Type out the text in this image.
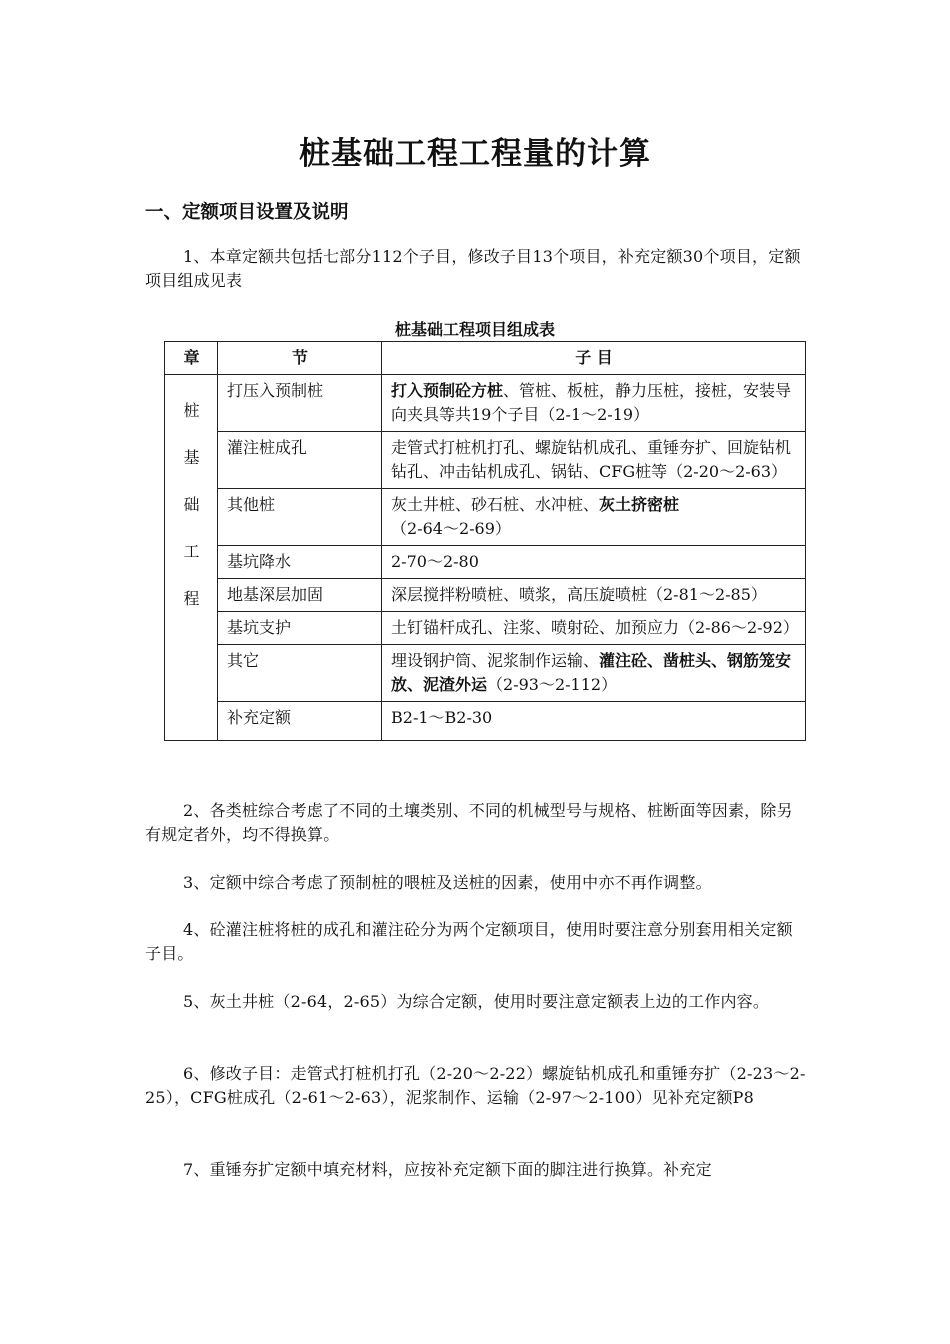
桩基础工程工程量的计算
一、定额项目设置及说明
1、本章定额共包括七部分112个子目，修改子目13个项目，补充定额30个项目，定额项目组成见表
桩基础工程项目组成表
章	节	子 目

桩
基
础
工
程	打压入预制桩	打入预制砼方桩、管桩、板桩，静力压桩，接桩，安装导向夹具等共19个子目（2-1～2-19）
	灌注桩成孔	走管式打桩机打孔、螺旋钻机成孔、重锤夯扩、回旋钻机钻孔、冲击钻机成孔、锅钻、CFG桩等（2-20～2-63）
	其他桩	灰土井桩、砂石桩、水冲桩、灰土挤密桩（2-64～2-69）
	基坑降水	2-70～2-80
	地基深层加固	深层搅拌粉喷桩、喷浆，高压旋喷桩（2-81～2-85）
	基坑支护	土钉锚杆成孔、注浆、喷射砼、加预应力（2-86～2-92）
	其它	埋设钢护筒、泥浆制作运输、灌注砼、凿桩头、钢筋笼安放、泥渣外运（2-93～2-112）
	补充定额	B2-1～B2-30
2、各类桩综合考虑了不同的土壤类别、不同的机械型号与规格、桩断面等因素，除另有规定者外，均不得换算。
3、定额中综合考虑了预制桩的喂桩及送桩的因素，使用中亦不再作调整。
4、砼灌注桩将桩的成孔和灌注砼分为两个定额项目，使用时要注意分别套用相关定额子目。
5、灰土井桩（2-64，2-65）为综合定额，使用时要注意定额表上边的工作内容。
6、修改子目：走管式打桩机打孔（2-20～2-22）螺旋钻机成孔和重锤夯扩（2-23～2-25），CFG桩成孔（2-61～2-63），泥浆制作、运输（2-97～2-100）见补充定额P8
7、重锤夯扩定额中填充材料，应按补充定额下面的脚注进行换算。补充定
